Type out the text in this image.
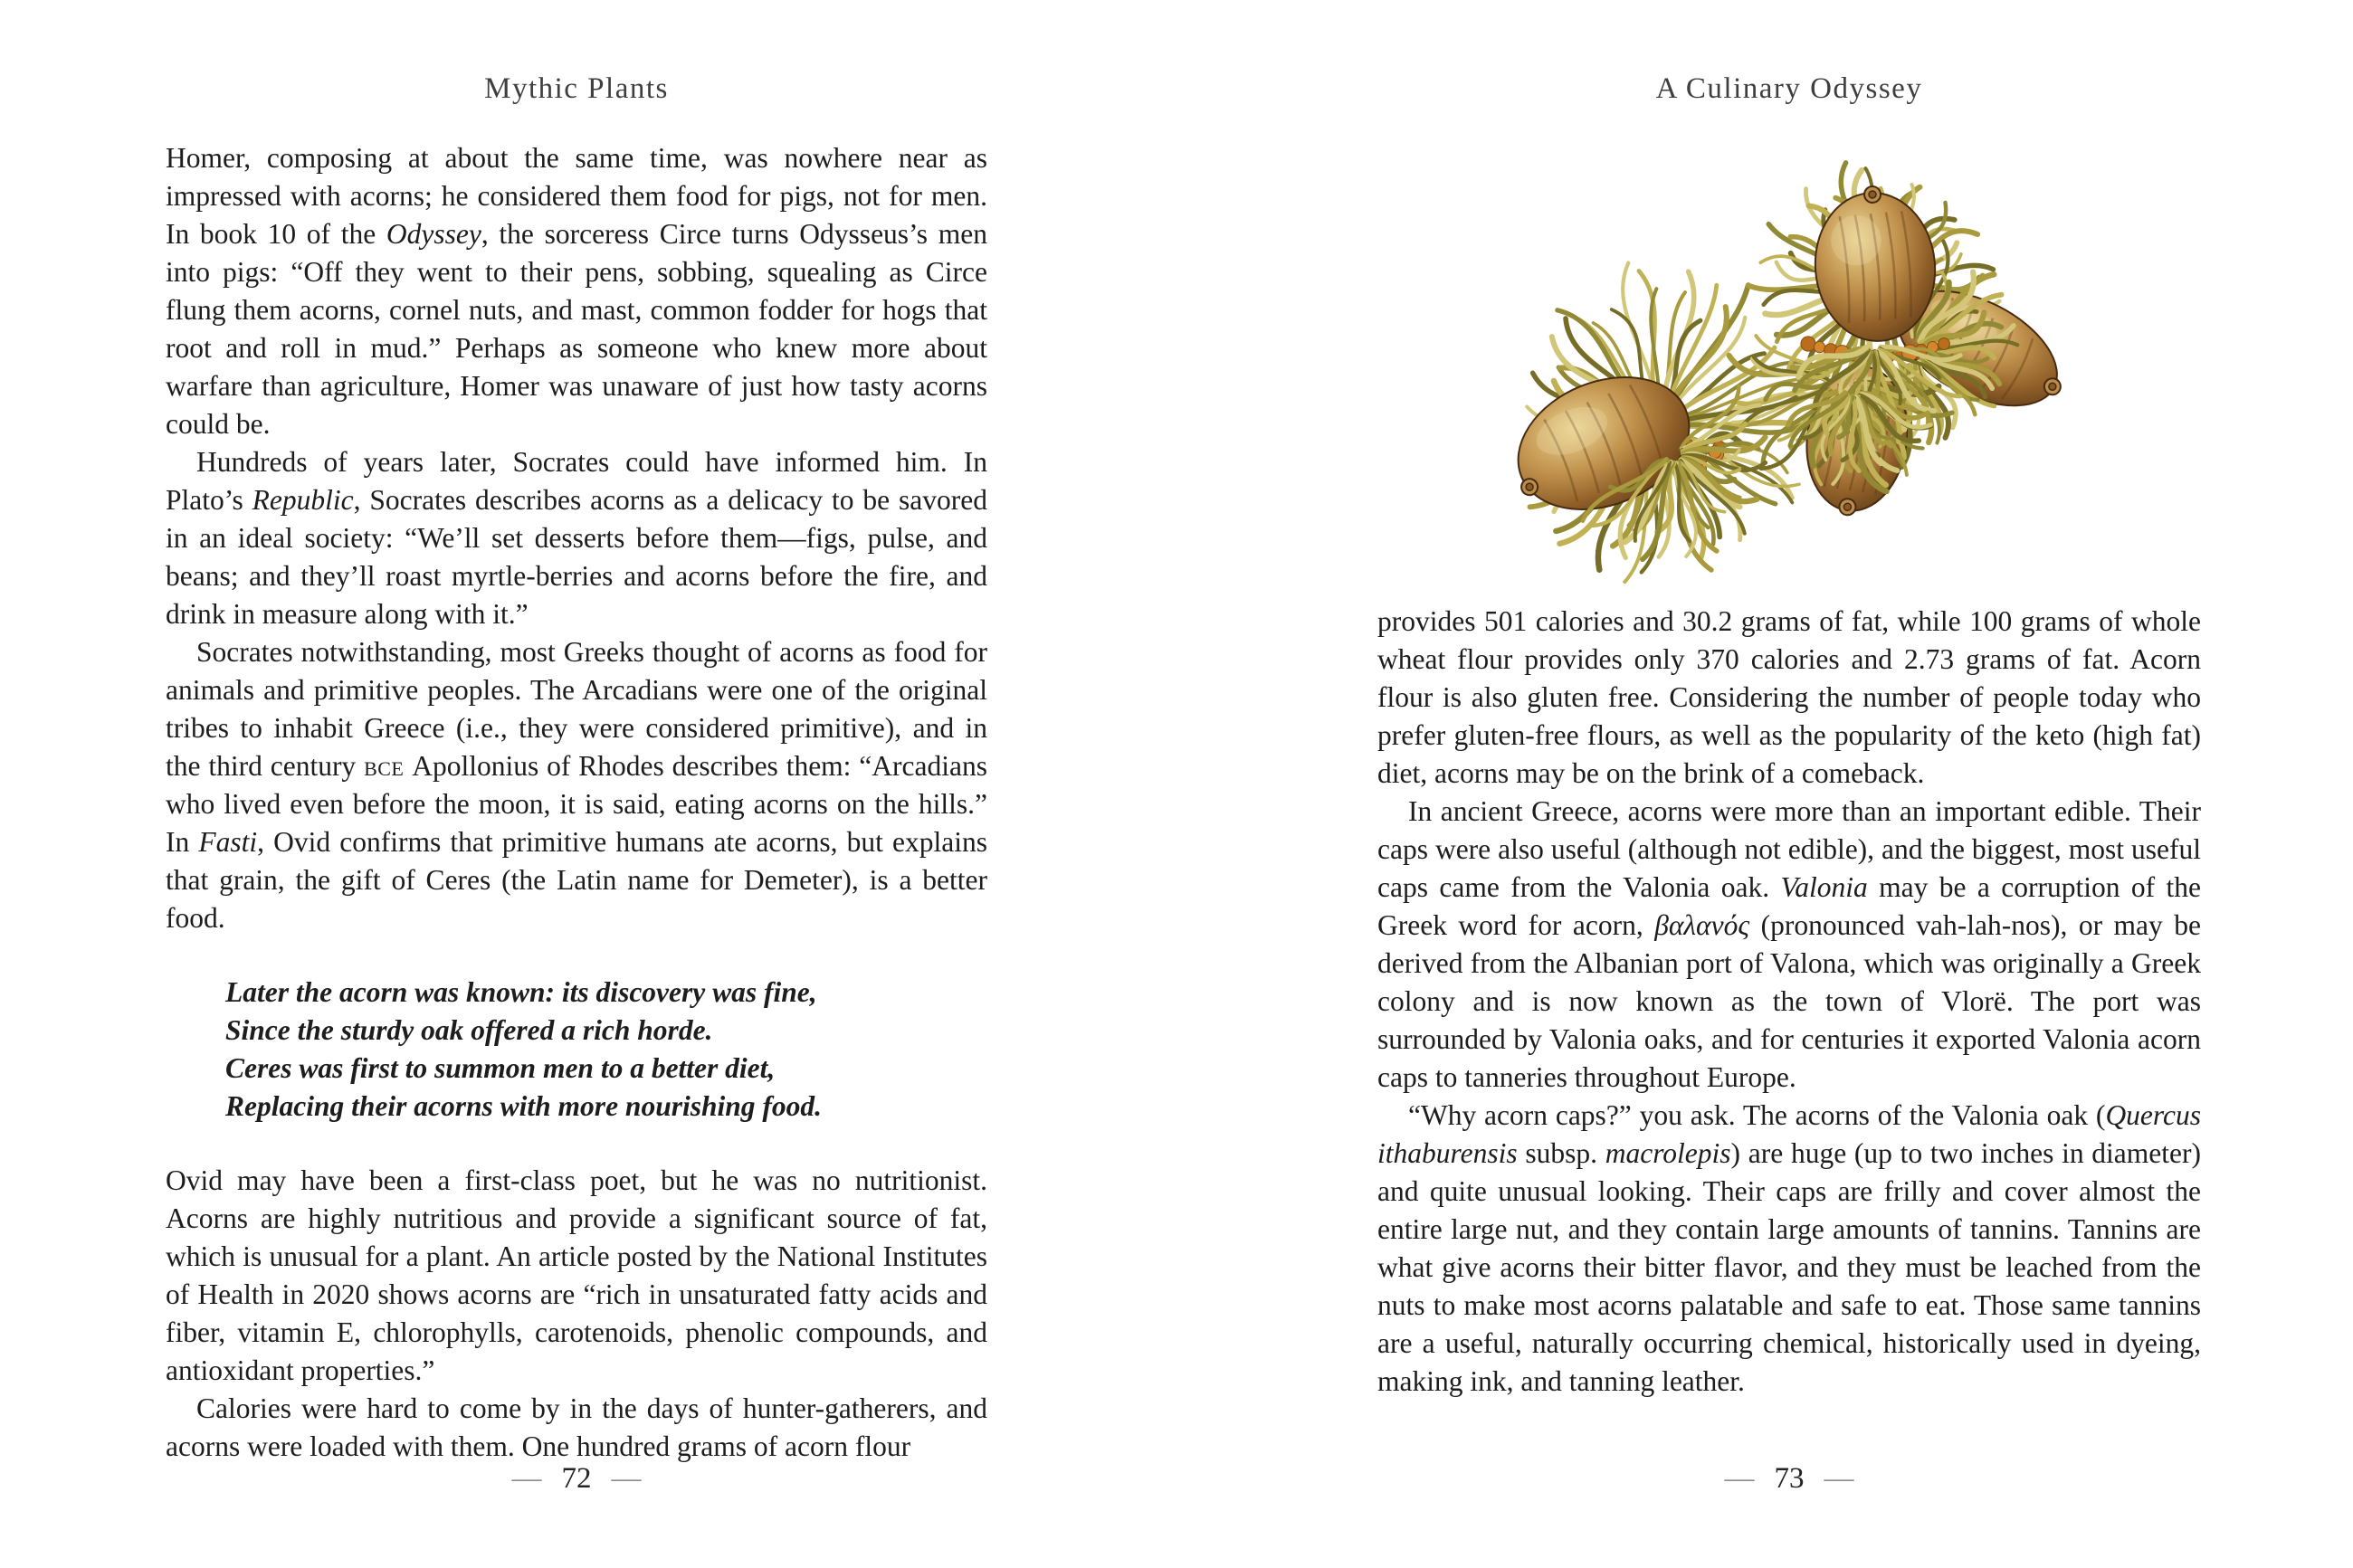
Mythic Plants	A Culinary Odyssey

Homer, composing at about the same time, was nowhere near as impressed with acorns; he considered them food for pigs, not for men. In book 10 of the Odyssey, the sorceress Circe turns Odysseus’s men into pigs: “Off they went to their pens, sobbing, squealing as Circe flung them acorns, cornel nuts, and mast, common fodder for hogs that root and roll in mud.” Perhaps as someone who knew more about warfare than agriculture, Homer was unaware of just how tasty acorns could be.

Hundreds of years later, Socrates could have informed him. In Plato’s Republic, Socrates describes acorns as a delicacy to be savored in an ideal society: “We’ll set desserts before them—figs, pulse, and beans; and they’ll roast myrtle-berries and acorns before the fire, and drink in measure along with it.”

Socrates notwithstanding, most Greeks thought of acorns as food for animals and primitive peoples. The Arcadians were one of the original tribes to inhabit Greece (i.e., they were considered primitive), and in the third century bce Apollonius of Rhodes describes them: “Arcadians who lived even before the moon, it is said, eating acorns on the hills.” In Fasti, Ovid confirms that primitive humans ate acorns, but explains that grain, the gift of Ceres (the Latin name for Demeter), is a better food.

Later the acorn was known: its discovery was fine,
Since the sturdy oak offered a rich horde.
Ceres was first to summon men to a better diet,
Replacing their acorns with more nourishing food.

Ovid may have been a first-class poet, but he was no nutritionist. Acorns are highly nutritious and provide a significant source of fat, which is unusual for a plant. An article posted by the National Institutes of Health in 2020 shows acorns are “rich in unsaturated fatty acids and fiber, vitamin E, chlorophylls, carotenoids, phenolic compounds, and antioxidant properties.”

Calories were hard to come by in the days of hunter-gatherers, and acorns were loaded with them. One hundred grams of acorn flour

provides 501 calories and 30.2 grams of fat, while 100 grams of whole wheat flour provides only 370 calories and 2.73 grams of fat. Acorn flour is also gluten free. Considering the number of people today who prefer gluten-free flours, as well as the popularity of the keto (high fat) diet, acorns may be on the brink of a comeback.

In ancient Greece, acorns were more than an important edible. Their caps were also useful (although not edible), and the biggest, most useful caps came from the Valonia oak. Valonia may be a corruption of the Greek word for acorn, βαλανός (pronounced vah-lah-nos), or may be derived from the Albanian port of Valona, which was originally a Greek colony and is now known as the town of Vlorë. The port was surrounded by Valonia oaks, and for centuries it exported Valonia acorn caps to tanneries throughout Europe.

“Why acorn caps?” you ask. The acorns of the Valonia oak (Quercus ithaburensis subsp. macrolepis) are huge (up to two inches in diameter) and quite unusual looking. Their caps are frilly and cover almost the entire large nut, and they contain large amounts of tannins. Tannins are what give acorns their bitter flavor, and they must be leached from the nuts to make most acorns palatable and safe to eat. Those same tannins are a useful, naturally occurring chemical, historically used in dyeing, making ink, and tanning leather.

— 72 —	— 73 —
